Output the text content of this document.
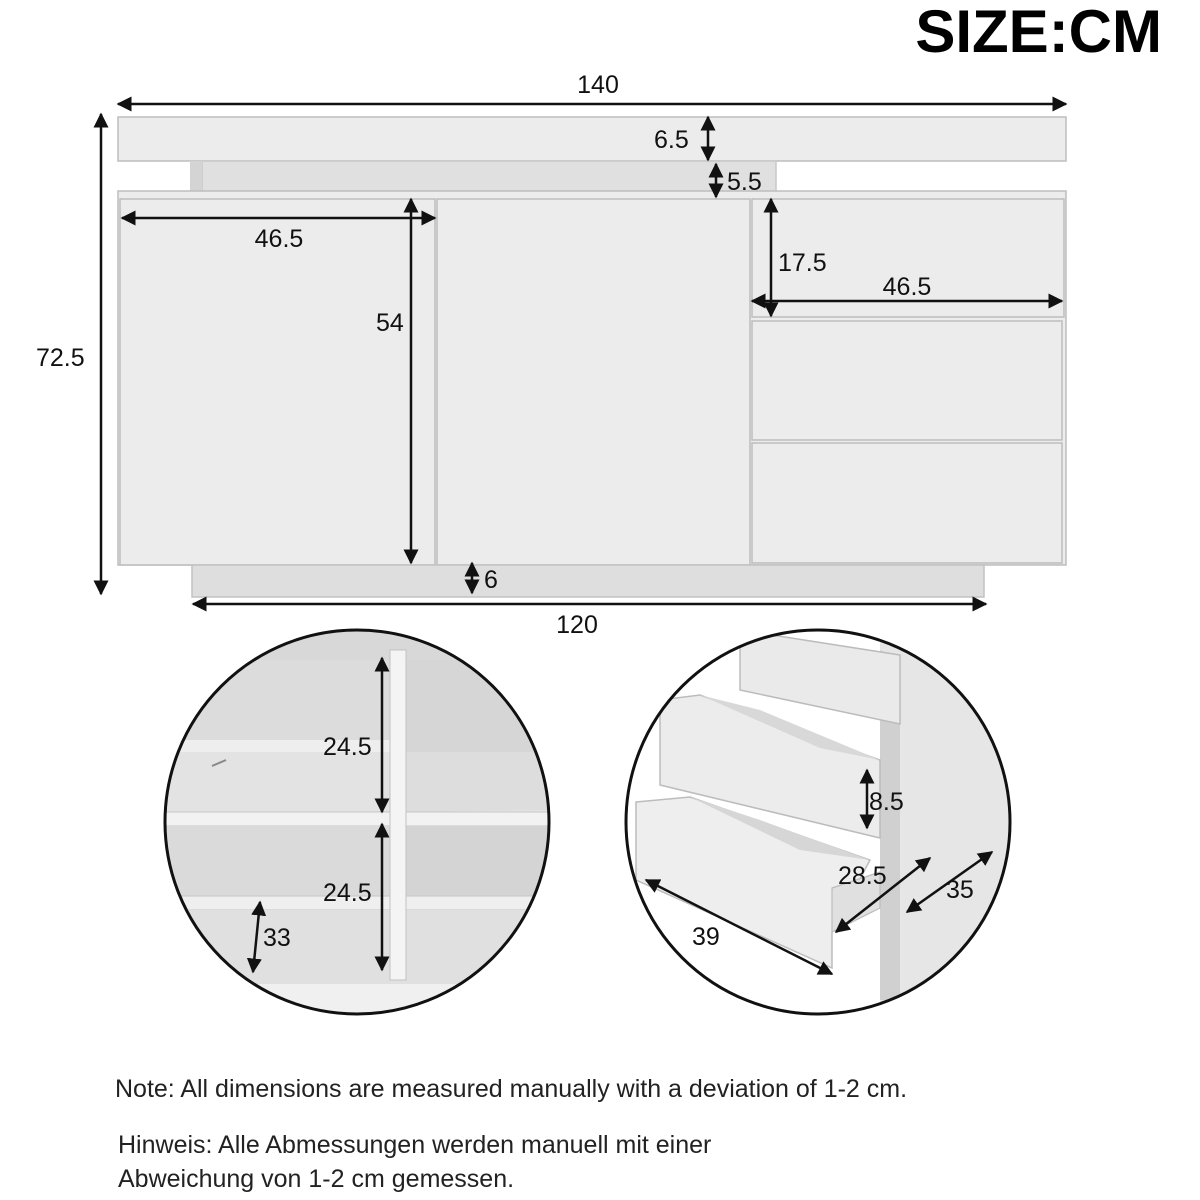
SIZE:CM
140
6.5
5.5
46.5
54
17.5
46.5
72.5
6
120
24.5
24.5
33
8.5
28.5 35
39

Note: All dimensions are measured manually with a deviation of 1-2 cm.

Hinweis: Alle Abmessungen werden manuell mit einer

Abweichung von 1-2 cm gemessen.
